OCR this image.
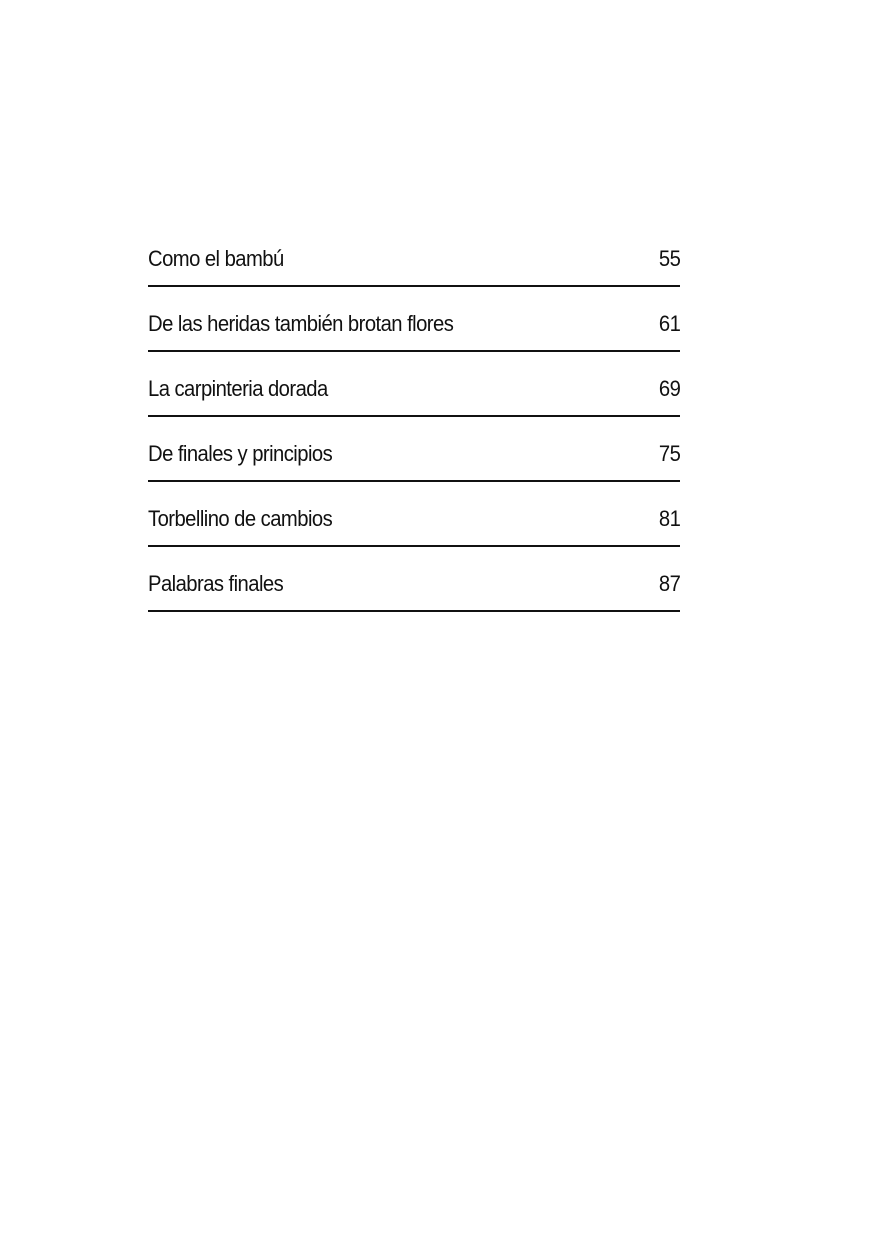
Como el bambú	55
De las heridas también brotan flores	61
La carpinteria dorada	69
De finales y principios	75
Torbellino de cambios	81
Palabras finales	87
